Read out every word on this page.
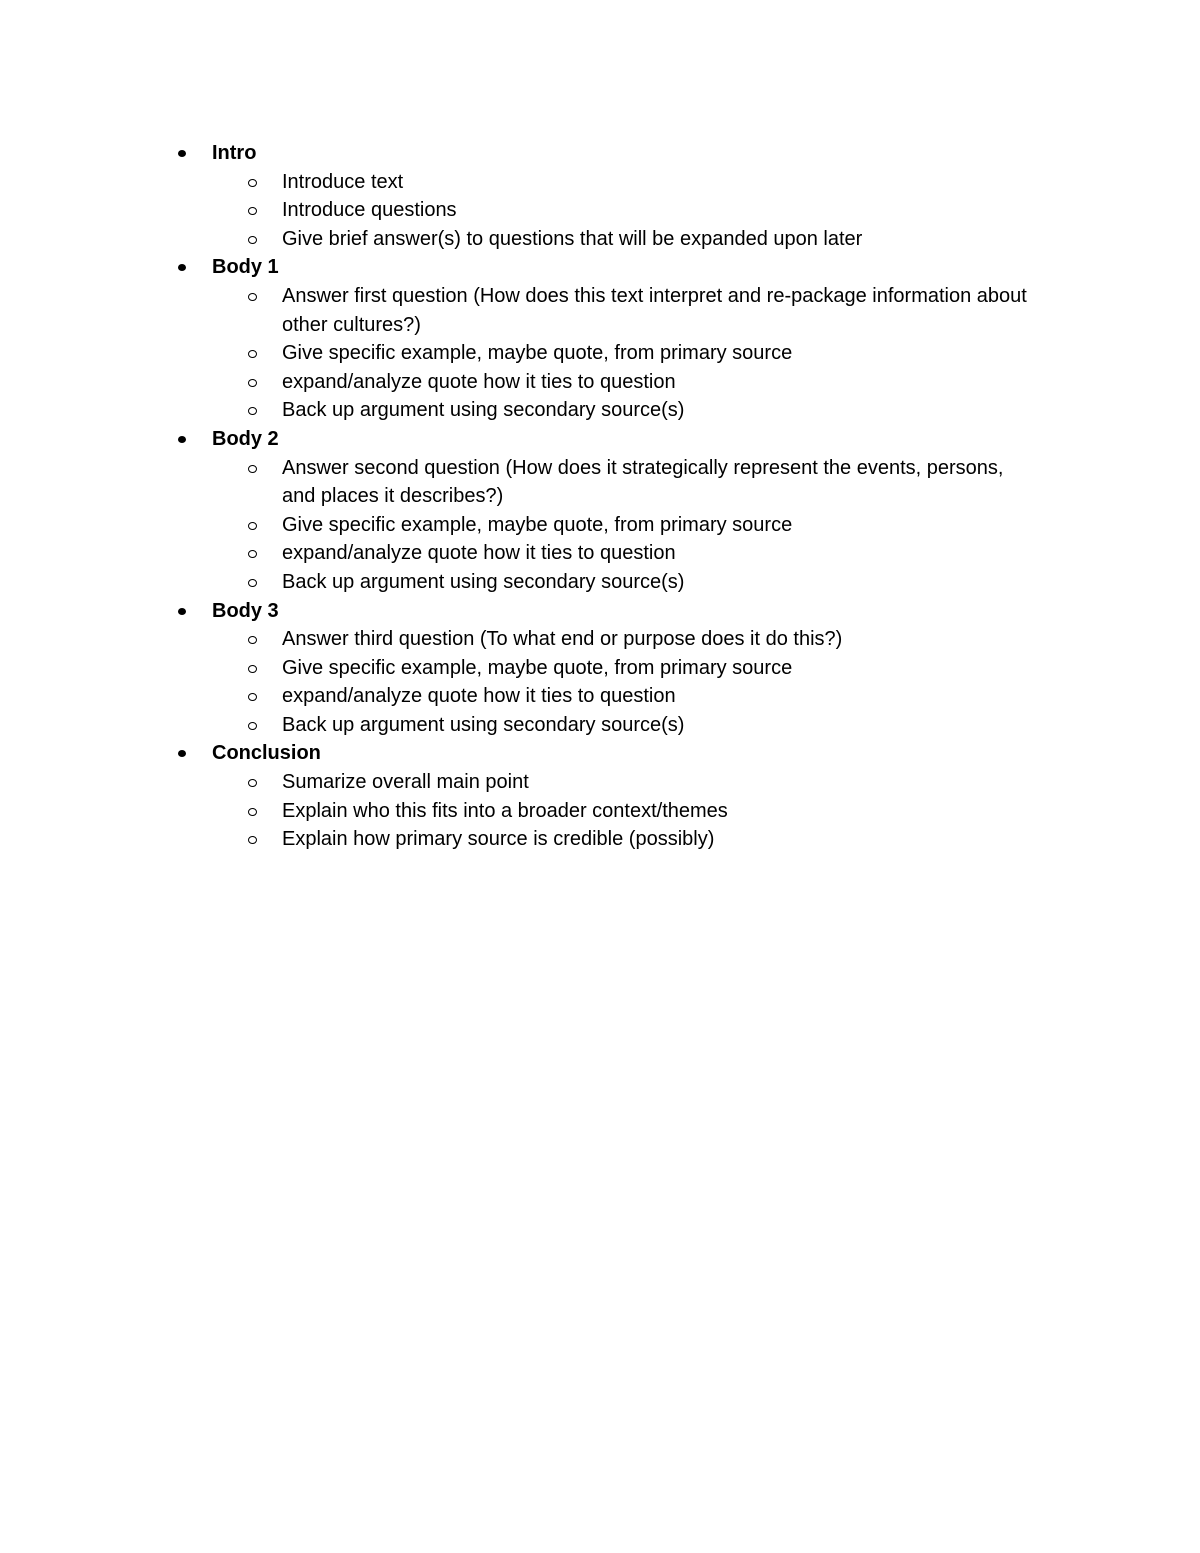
Intro
Introduce text
Introduce questions
Give brief answer(s) to questions that will be expanded upon later
Body 1
Answer first question (How does this text interpret and re-package information about other cultures?)
Give specific example, maybe quote, from primary source
expand/analyze quote how it ties to question
Back up argument using secondary source(s)
Body 2
Answer second question (How does it strategically represent the events, persons, and places it describes?)
Give specific example, maybe quote, from primary source
expand/analyze quote how it ties to question
Back up argument using secondary source(s)
Body 3
Answer third question (To what end or purpose does it do this?)
Give specific example, maybe quote, from primary source
expand/analyze quote how it ties to question
Back up argument using secondary source(s)
Conclusion
Sumarize overall main point
Explain who this fits into a broader context/themes
Explain how primary source is credible (possibly)
